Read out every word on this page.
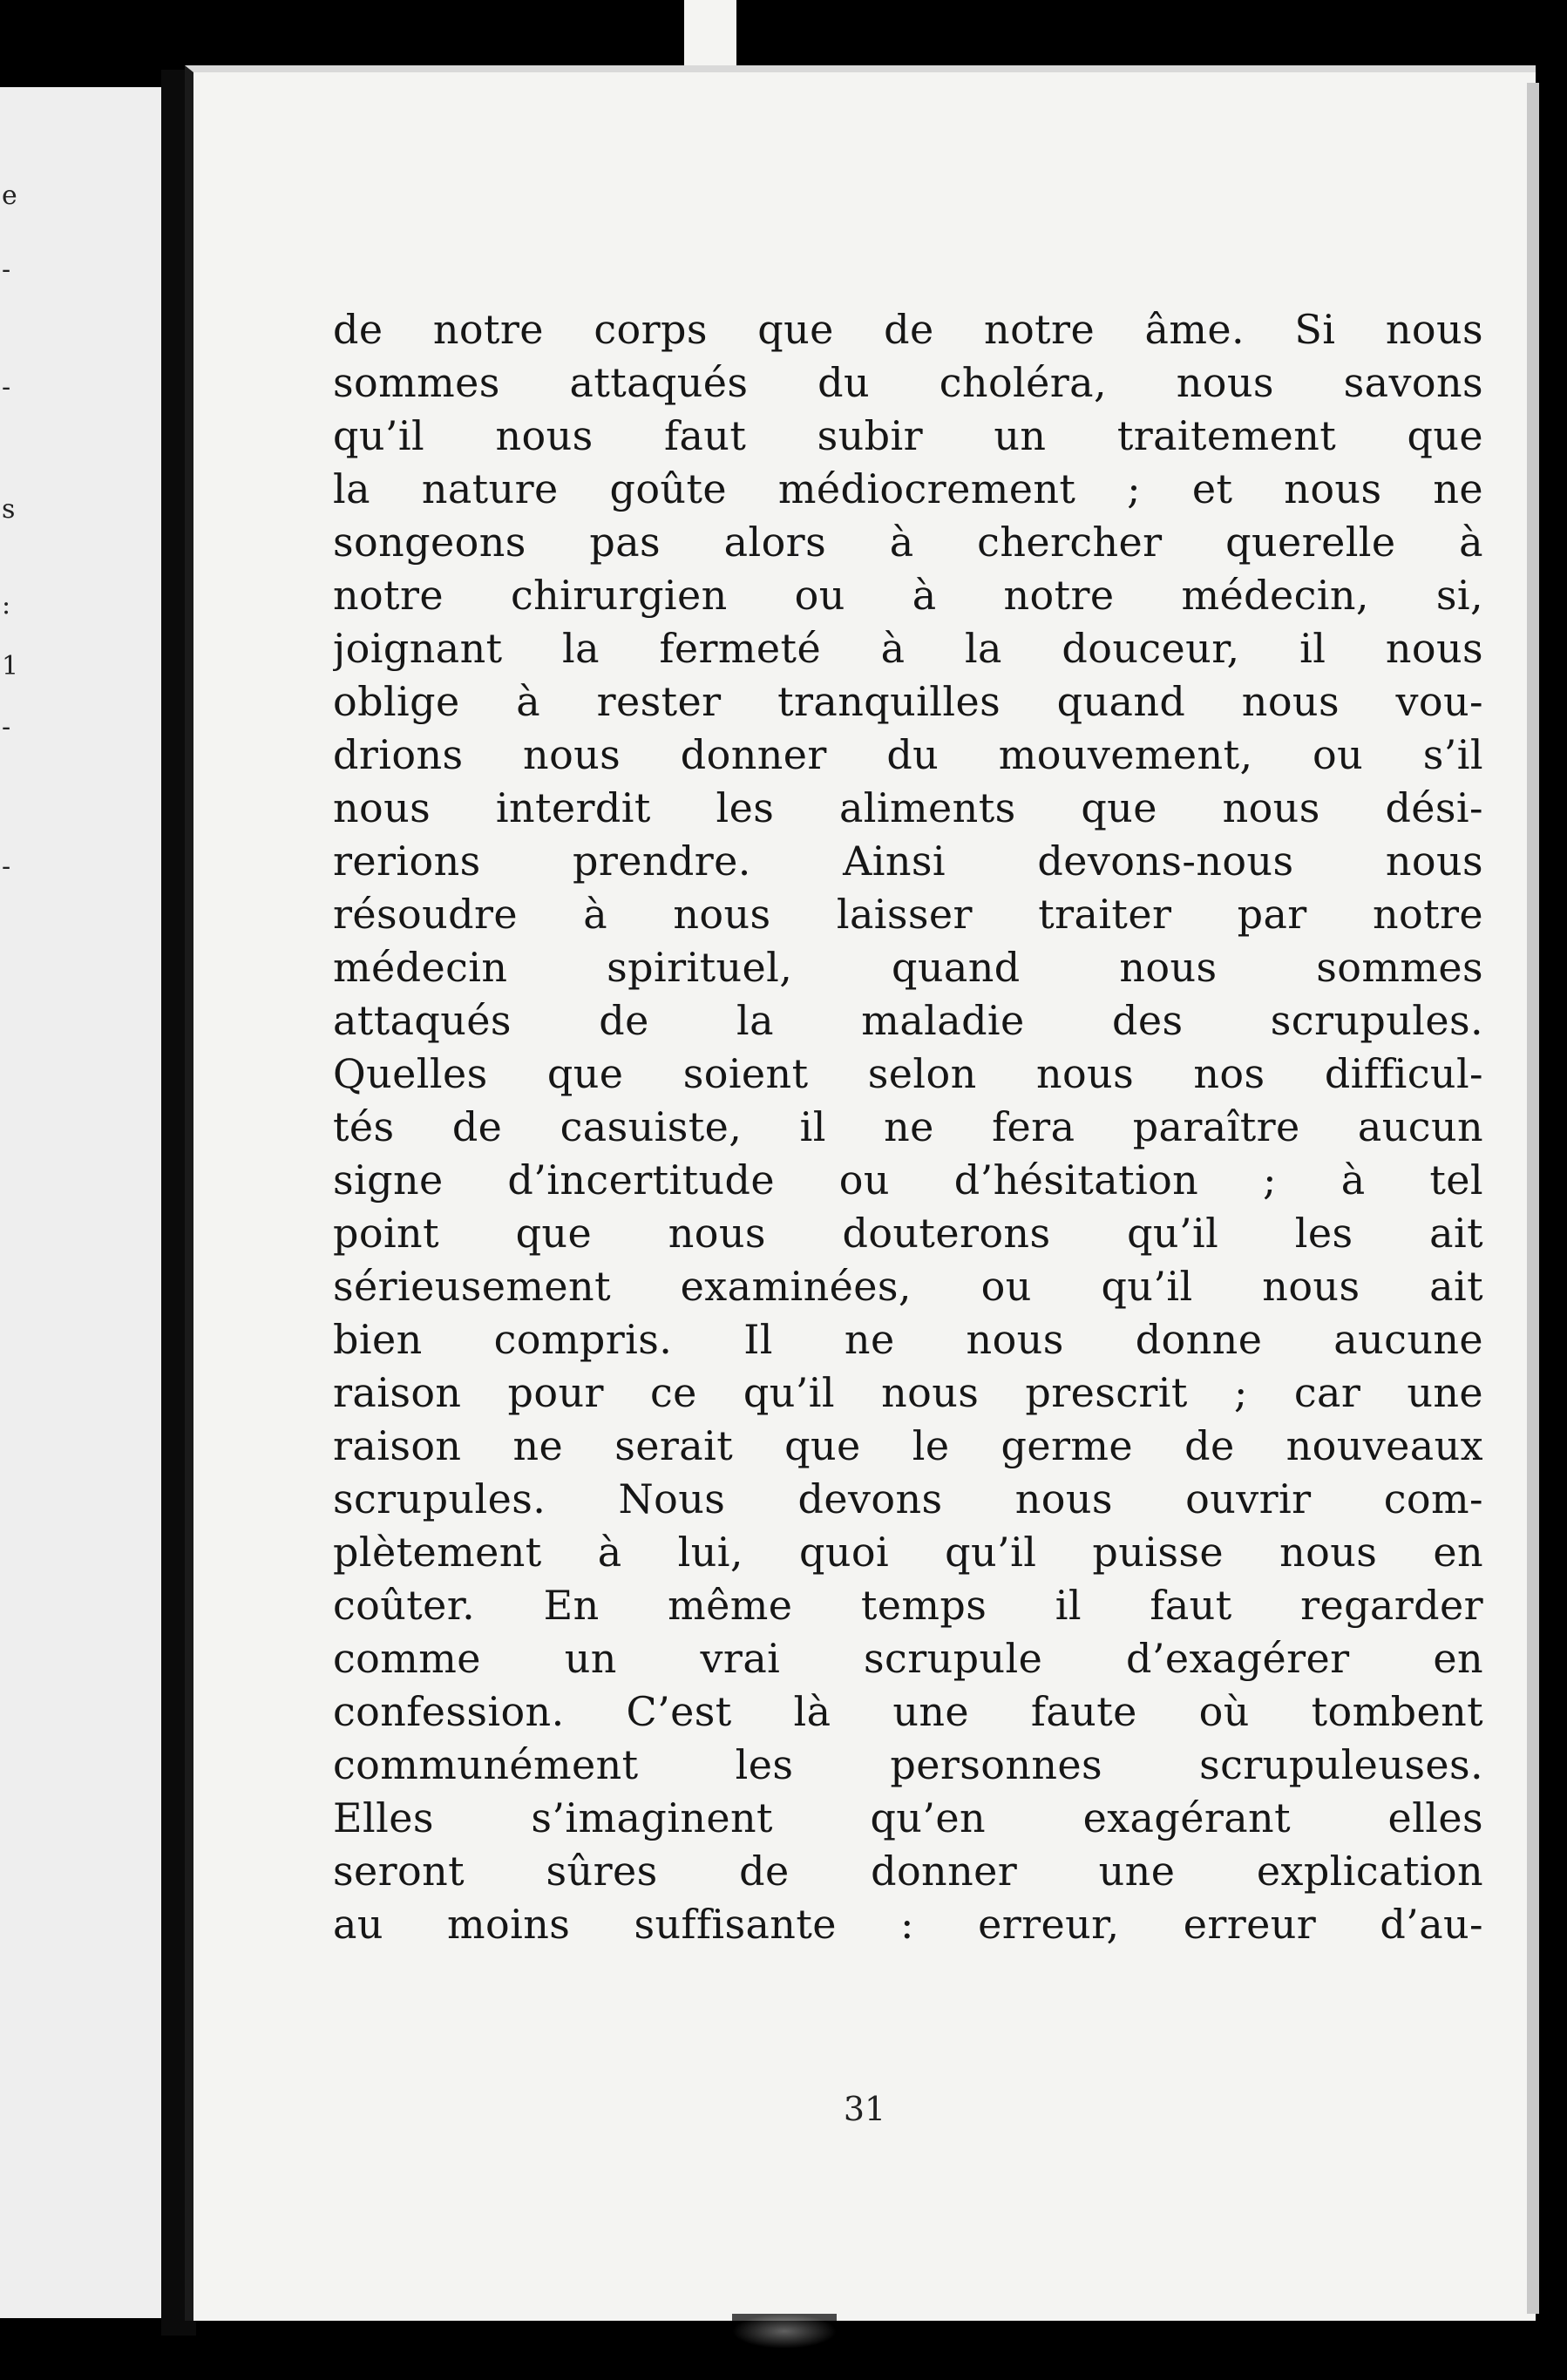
e
-
-
s
:
1
-
-
de notre corps que de notre âme. Si nous
sommes attaqués du choléra, nous savons
qu’il nous faut subir un traitement que
la nature goûte médiocrement ; et nous ne
songeons pas alors à chercher querelle à
notre chirurgien ou à notre médecin, si,
joignant la fermeté à la douceur, il nous
oblige à rester tranquilles quand nous vou-
drions nous donner du mouvement, ou s’il
nous interdit les aliments que nous dési-
rerions prendre. Ainsi devons-nous nous
résoudre à nous laisser traiter par notre
médecin spirituel, quand nous sommes
attaqués de la maladie des scrupules.
Quelles que soient selon nous nos difficul-
tés de casuiste, il ne fera paraître aucun
signe d’incertitude ou d’hésitation ; à tel
point que nous douterons qu’il les ait
sérieusement examinées, ou qu’il nous ait
bien compris. Il ne nous donne aucune
raison pour ce qu’il nous prescrit ; car une
raison ne serait que le germe de nouveaux
scrupules. Nous devons nous ouvrir com-
plètement à lui, quoi qu’il puisse nous en
coûter. En même temps il faut regarder
comme un vrai scrupule d’exagérer en
confession. C’est là une faute où tombent
communément les personnes scrupuleuses.
Elles s’imaginent qu’en exagérant elles
seront sûres de donner une explication
au moins suffisante : erreur, erreur d’au-
31
